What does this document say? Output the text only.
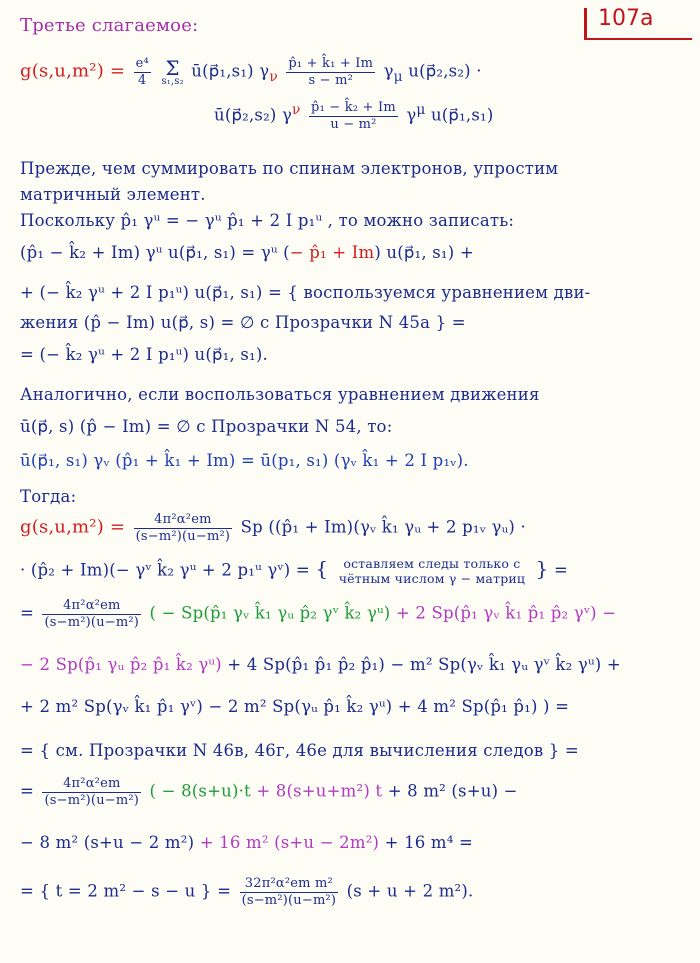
107a
Третье слагаемое:
$g(s,u,m^2) = \frac{\text{e⁴}}{4}$ Σ
s₁,s₂
ū(p⃗₁,s₁) $\gamma_\nu \frac{\text{p̂₁ + k̂₁ + Im}}{\text{s − m²}} \gamma_\mu$ u(p⃗₂,s₂) ·
ū(p⃗₂,s₂) $\gamma^\nu \frac{\text{p̂₁ − k̂₂ + Im}}{\text{u − m²}} \gamma^\mu$ u(p⃗₁,s₁)
Прежде, чем суммировать по спинам электронов, упростим
матричный элемент.
Поскольку p̂₁ γᵘ = − γᵘ p̂₁ + 2 I p₁ᵘ , то можно записать:
(p̂₁ − k̂₂ + Im) γᵘ u(p⃗₁, s₁) = γᵘ (− p̂₁ + Im) u(p⃗₁, s₁) +
+ (− k̂₂ γᵘ + 2 I p₁ᵘ) u(p⃗₁, s₁) = { воспользуемся уравнением дви-
жения (p̂ − Im) u(p⃗, s) = ∅ с Прозрачки N 45a } =
= (− k̂₂ γᵘ + 2 I p₁ᵘ) u(p⃗₁, s₁).
Аналогично, если воспользоваться уравнением движения
ū(p⃗, s) (p̂ − Im) = ∅ с Прозрачки N 54, то:
ū(p⃗₁, s₁) γᵥ (p̂₁ + k̂₁ + Im) = ū(p₁, s₁) (γᵥ k̂₁ + 2 I p₁ᵥ).
Тогда:
$g(s,u,m^2) = \frac{\text{4π²α²em}}{\text{(s−m²)(u−m²)}}$ Sp ((p̂₁ + Im)(γᵥ k̂₁ γᵤ + 2 p₁ᵥ γᵤ) ·
· (p̂₂ + Im)(− γᵛ k̂₂ γᵘ + 2 p₁ᵘ γᵛ) = {	оставляем следы только с
чётным числом γ − матриц } =
= $\frac{\text{4π²α²em}}{\text{(s−m²)(u−m²)}}$ ( − Sp(p̂₁ γᵥ k̂₁ γᵤ p̂₂ γᵛ k̂₂ γᵘ) + 2 Sp(p̂₁ γᵥ k̂₁ p̂₁ p̂₂ γᵛ) −
− 2 Sp(p̂₁ γᵤ p̂₂ p̂₁ k̂₂ γᵘ) + 4 Sp(p̂₁ p̂₁ p̂₂ p̂₁) − m² Sp(γᵥ k̂₁ γᵤ γᵛ k̂₂ γᵘ) +
+ 2 m² Sp(γᵥ k̂₁ p̂₁ γᵛ) − 2 m² Sp(γᵤ p̂₁ k̂₂ γᵘ) + 4 m² Sp(p̂₁ p̂₁) ) =
= { см. Прозрачки N 46в, 46г, 46е для вычисления следов } =
= $\frac{\text{4π²α²em}}{\text{(s−m²)(u−m²)}}$ ( − 8(s+u)·t + 8(s+u+m²) t + 8 m² (s+u) −
− 8 m² (s+u − 2 m²) + 16 m² (s+u − 2m²) + 16 m⁴ =
= { t = 2 m² − s − u } = $\frac{\text{32π²α²em m²}}{\text{(s−m²)(u−m²)}} (s + u + 2$ m²).
